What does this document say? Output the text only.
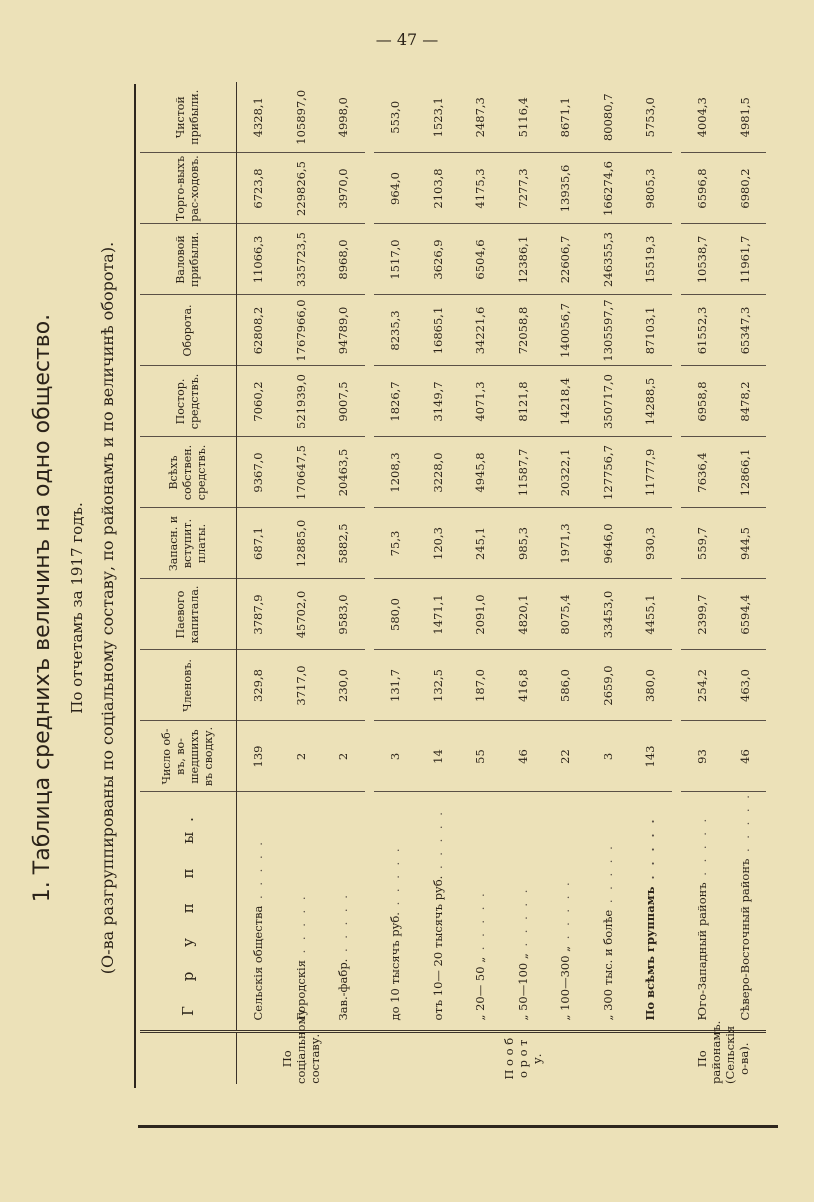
— 47 —
1. Таблица среднихъ величинъ на одно общество. По отчетамъ за 1917 годъ. (О-ва разгруппированы по соціальному составу, по районамъ и по величинѣ оборота).
		Г р у п п ы.	Число об-въ, во-шедшихъ въ сводку.	Членовъ.	Паевого капитала.	Запасн. и вступит. платы.	Всѣхъ собствен. средствъ.	Постор. средствъ.	Оборота.	Валовой прибыли.	Торго-выхъ рас-ходовъ.	Чистой прибыли.
По соціальному составу.	Сельскія общества . . . . .	139	329,8	3787,9	687,1	9367,0	7060,2	62808,2	11066,3	6723,8	4328,1
	Городскія . . . . .	2	3717,0	45702,0	12885,0	170647,5	521939,0	1767966,0	335723,5	229826,5	105897,0
	Зав.-фабр. . . . . .	2	230,0	9583,0	5882,5	20463,5	9007,5	94789,0	8968,0	3970,0	4998,0

П о о б о р о т у.	до 10 тысячъ руб. . . . . .	3	131,7	580,0	75,3	1208,3	1826,7	8235,3	1517,0	964,0	553,0
	отъ 10— 20 тысячъ руб. . . . . .	14	132,5	1471,1	120,3	3228,0	3149,7	16865,1	3626,9	2103,8	1523,1
	„ 20— 50 „ . . . . .	55	187,0	2091,0	245,1	4945,8	4071,3	34221,6	6504,6	4175,3	2487,3
	„ 50—100 „ . . . . .	46	416,8	4820,1	985,3	11587,7	8121,8	72058,8	12386,1	7277,3	5116,4
	„ 100—300 „ . . . . .	22	586,0	8075,4	1971,3	20322,1	14218,4	140056,7	22606,7	13935,6	8671,1
	„ 300 тыс. и болѣе . . . . .	3	2659,0	33453,0	9646,0	127756,7	350717,0	1305597,7	246355,3	166274,6	80080,7
	По всѣмъ группамъ . . . . .	143	380,0	4455,1	930,3	11777,9	14288,5	87103,1	15519,3	9805,3	5753,0

По районамъ. (Сельскія о-ва).	Юго-Западный районъ . . . . .	93	254,2	2399,7	559,7	7636,4	6958,8	61552,3	10538,7	6596,8	4004,3
	Сѣверо-Восточный районъ . . . . .	46	463,0	6594,4	944,5	12866,1	8478,2	65347,3	11961,7	6980,2	4981,5
